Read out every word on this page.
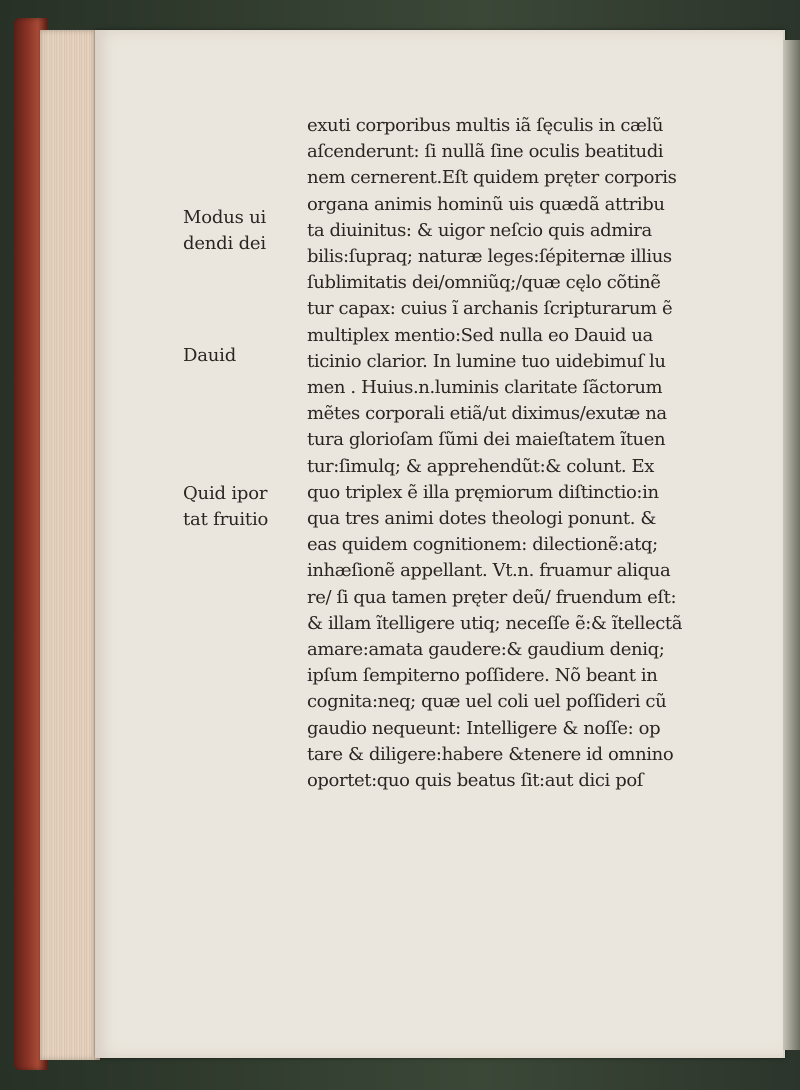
Modus ui
dendi dei
Dauid
Quid ipor
tat fruitio
exuti corporibus multis iã ſęculis in cælũ
aſcenderunt: ſi nullã ſine oculis beatitudi
nem cernerent.Eſt quidem pręter corporis
organa animis hominũ uis quædã attribu
ta diuinitus: & uigor neſcio quis admira
bilis:ſupraq; naturæ leges:ſépiternæ illius
ſublimitatis dei/omniũq;/quæ cęlo cõtinẽ
tur capax: cuius ĩ archanis ſcripturarum ẽ
multiplex mentio:Sed nulla eo Dauid ua
ticinio clarior. In lumine tuo uidebimuſ lu
men . Huius.n.luminis claritate ſãctorum
mẽtes corporali etiã/ut diximus/exutæ na
tura glorioſam ſũmi dei maieſtatem ĩtuen
tur:ſimulq; & apprehendũt:& colunt. Ex
quo triplex ẽ illa pręmiorum diſtinctio:in
qua tres animi dotes theologi ponunt. &
eas quidem cognitionem: dilectionẽ:atq;
inhæſionẽ appellant. Vt.n. fruamur aliqua
re/ ſi qua tamen pręter deũ/ fruendum eſt:
& illam ĩtelligere utiq; neceſſe ẽ:& ĩtellectã
amare:amata gaudere:& gaudium deniq;
ipſum ſempiterno poſſidere. Nõ beant in
cognita:neq; quæ uel coli uel poſſideri cũ
gaudio nequeunt: Intelligere & noſſe: op
tare & diligere:habere &tenere id omnino
oportet:quo quis beatus ſit:aut dici poſ
